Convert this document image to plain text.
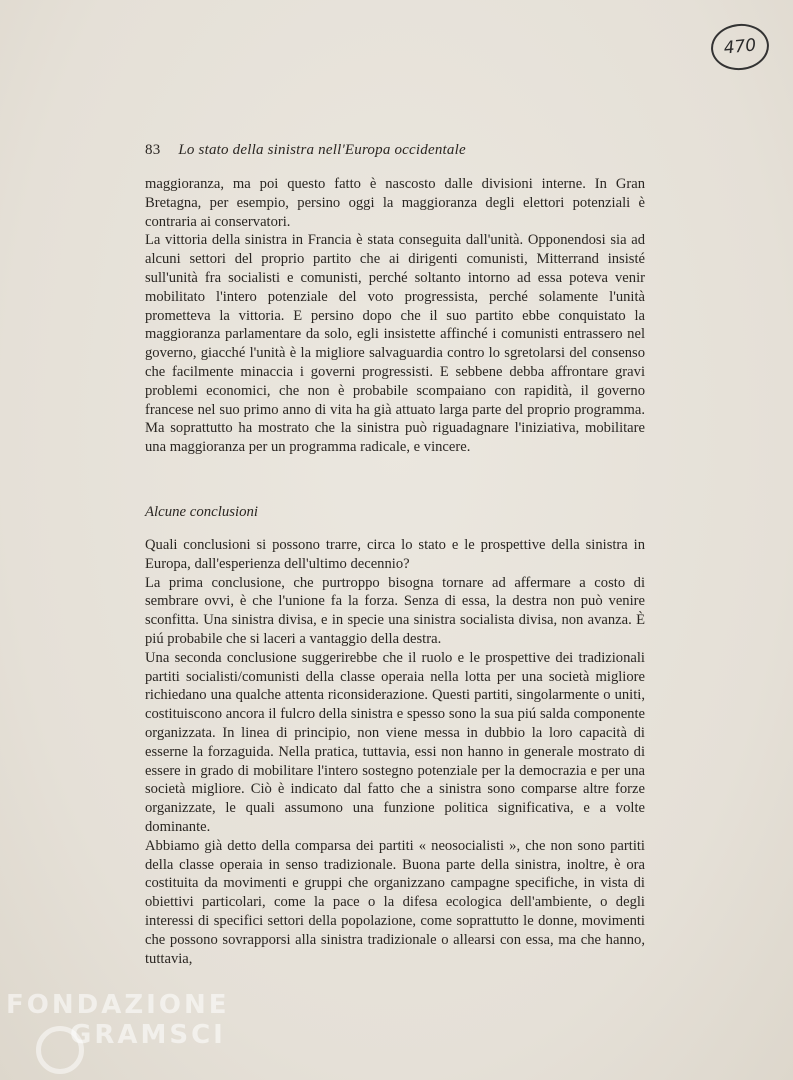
470
83 Lo stato della sinistra nell'Europa occidentale

maggioranza, ma poi questo fatto è nascosto dalle divisioni interne. In Gran Bretagna, per esempio, persino oggi la maggioranza degli elettori potenziali è contraria ai conservatori.

La vittoria della sinistra in Francia è stata conseguita dall'unità. Opponendosi sia ad alcuni settori del proprio partito che ai dirigenti comunisti, Mitterrand insisté sull'unità fra socialisti e comunisti, perché soltanto intorno ad essa poteva venir mobilitato l'intero potenziale del voto progressista, perché solamente l'unità prometteva la vittoria. E persino dopo che il suo partito ebbe conquistato la maggioranza parlamentare da solo, egli insistette affinché i comunisti entrassero nel governo, giacché l'unità è la migliore salvaguardia contro lo sgretolarsi del consenso che facilmente minaccia i governi progressisti. E sebbene debba affrontare gravi problemi economici, che non è probabile scompaiano con rapidità, il governo francese nel suo primo anno di vita ha già attuato larga parte del proprio programma. Ma soprattutto ha mostrato che la sinistra può riguadagnare l'iniziativa, mobilitare una maggioranza per un programma radicale, e vincere.

Alcune conclusioni

Quali conclusioni si possono trarre, circa lo stato e le prospettive della sinistra in Europa, dall'esperienza dell'ultimo decennio?

La prima conclusione, che purtroppo bisogna tornare ad affermare a costo di sembrare ovvi, è che l'unione fa la forza. Senza di essa, la destra non può venire sconfitta. Una sinistra divisa, e in specie una sinistra socialista divisa, non avanza. È piú probabile che si laceri a vantaggio della destra.

Una seconda conclusione suggerirebbe che il ruolo e le prospettive dei tradizionali partiti socialisti/comunisti della classe operaia nella lotta per una società migliore richiedano una qualche attenta riconsiderazione. Questi partiti, singolarmente o uniti, costituiscono ancora il fulcro della sinistra e spesso sono la sua piú salda componente organizzata. In linea di principio, non viene messa in dubbio la loro capacità di esserne la forzaguida. Nella pratica, tuttavia, essi non hanno in generale mostrato di essere in grado di mobilitare l'intero sostegno potenziale per la democrazia e per una società migliore. Ciò è indicato dal fatto che a sinistra sono comparse altre forze organizzate, le quali assumono una funzione politica significativa, e a volte dominante.

Abbiamo già detto della comparsa dei partiti « neosocialisti », che non sono partiti della classe operaia in senso tradizionale. Buona parte della sinistra, inoltre, è ora costituita da movimenti e gruppi che organizzano campagne specifiche, in vista di obiettivi particolari, come la pace o la difesa ecologica dell'ambiente, o degli interessi di specifici settori della popolazione, come soprattutto le donne, movimenti che possono sovrapporsi alla sinistra tradizionale o allearsi con essa, ma che hanno, tuttavia,

FONDAZIONE
GRAMSCI
